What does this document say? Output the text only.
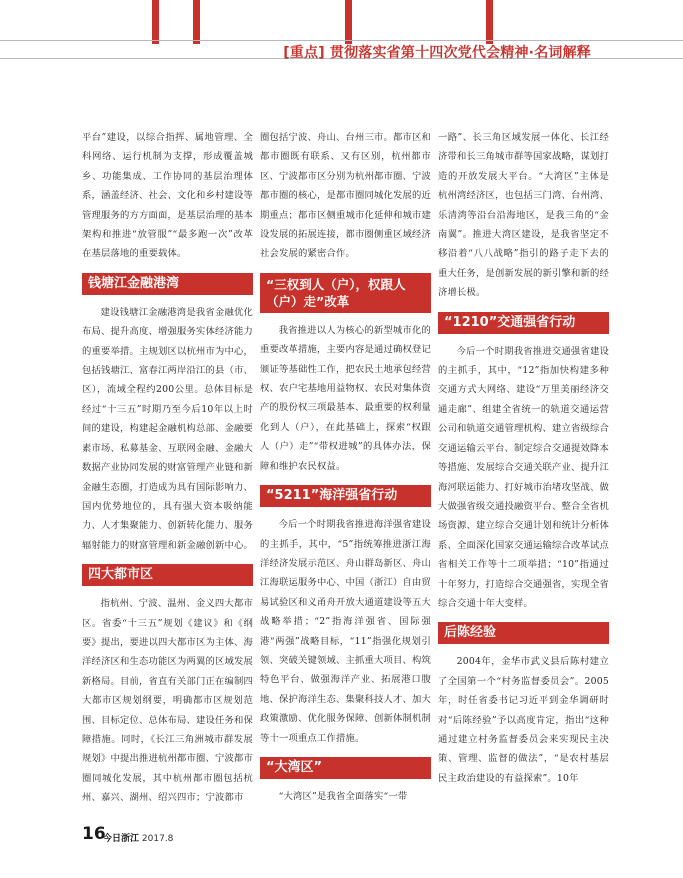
[重点] 贯彻落实省第十四次党代会精神·名词解释

平台”建设，以综合指挥、属地管理、全科网络、运行机制为支撑，形成覆盖城乡、功能集成、工作协同的基层治理体系，涵盖经济、社会、文化和乡村建设等管理服务的方方面面，是基层治理的基本架构和推进“放管服”“最多跑一次”改革在基层落地的重要载体。

钱塘江金融港湾

建设钱塘江金融港湾是我省金融优化布局、提升高度、增强服务实体经济能力的重要举措。主规划区以杭州市为中心，包括钱塘江、富春江两岸沿江的县（市、区），流域全程约200公里。总体目标是经过“十三五”时期乃至今后10年以上时间的建设，构建起金融机构总部、金融要素市场、私募基金、互联网金融、金融大数据产业协同发展的财富管理产业链和新金融生态圈，打造成为具有国际影响力、国内优势地位的，具有强大资本吸纳能力、人才集聚能力、创新转化能力、服务辐射能力的财富管理和新金融创新中心。

四大都市区

指杭州、宁波、温州、金义四大都市区。省委“十三五”规划《建议》和《纲要》提出，要进以四大都市区为主体、海洋经济区和生态功能区为两翼的区域发展新格局。目前，省直有关部门正在编制四大都市区规划纲要，明确都市区规划范围、目标定位、总体布局、建设任务和保障措施。同时，《长江三角洲城市群发展规划》中提出推进杭州都市圈、宁波都市圈同城化发展，其中杭州都市圈包括杭州、嘉兴、湖州、绍兴四市；宁波都市

圈包括宁波、舟山、台州三市。都市区和都市圈既有联系、又有区别，杭州都市区、宁波都市区分别为杭州都市圈、宁波都市圈的核心，是都市圈同城化发展的近期重点；都市区侧重城市化延伸和城市建设发展的拓展连接，都市圈侧重区域经济社会发展的紧密合作。

“三权到人（户），权跟人（户）走”改革

我省推进以人为核心的新型城市化的重要改革措施，主要内容是通过确权登记颁证等基础性工作，把农民土地承包经营权、农户宅基地用益物权、农民对集体资产的股份权三项最基本、最重要的权利量化到人（户），在此基础上，探索“权跟人（户）走”“带权进城”的具体办法，保障和维护农民权益。

“5211”海洋强省行动

今后一个时期我省推进海洋强省建设的主抓手，其中，“5”指统筹推进浙江海洋经济发展示范区、舟山群岛新区、舟山江海联运服务中心、中国（浙江）自由贸易试验区和义甬舟开放大通道建设等五大战略举措；“2”指海洋强省、国际强港“两强”战略目标，“11”指强化规划引领、突破关键领域、主抓重大项目、构筑特色平台、做强海洋产业、拓展港口腹地、保护海洋生态、集聚科技人才、加大政策激励、优化服务保障、创新体制机制等十一项重点工作措施。

“大湾区”

“大湾区”是我省全面落实“一带

一路”、长三角区域发展一体化、长江经济带和长三角城市群等国家战略，谋划打造的开放发展大平台。“大湾区”主体是杭州湾经济区，也包括三门湾、台州湾、乐清湾等沿台沿海地区，是我三角的“金南翼”。推进大湾区建设，是我省坚定不移沿着“八八战略”指引的路子走下去的重大任务，是创新发展的新引擎和新的经济增长极。

“1210”交通强省行动

今后一个时期我省推进交通强省建设的主抓手，其中，“12”指加快构建多种交通方式大网络、建设“万里美丽经济交通走廊”、组建全省统一的轨道交通运营公司和轨道交通管理机构、建立省级综合交通运输云平台、制定综合交通提效降本等措施、发展综合交通关联产业、提升江海河联运能力、打好城市治堵攻坚战、做大做强省级交通投融资平台、整合全省机场资源、建立综合交通计划和统计分析体系、全面深化国家交通运输综合改革试点省相关工作等十二项举措；“10”指通过十年努力，打造综合交通强省，实现全省综合交通十年大变样。

后陈经验

2004年，金华市武义县后陈村建立了全国第一个“村务监督委员会”。2005年，时任省委书记习近平到金华调研时对“后陈经验”予以高度肯定，指出“这种通过建立村务监督委员会来实现民主决策、管理、监督的做法”，“是农村基层民主政治建设的有益探索”。10年

16
今日浙江 2017.8
